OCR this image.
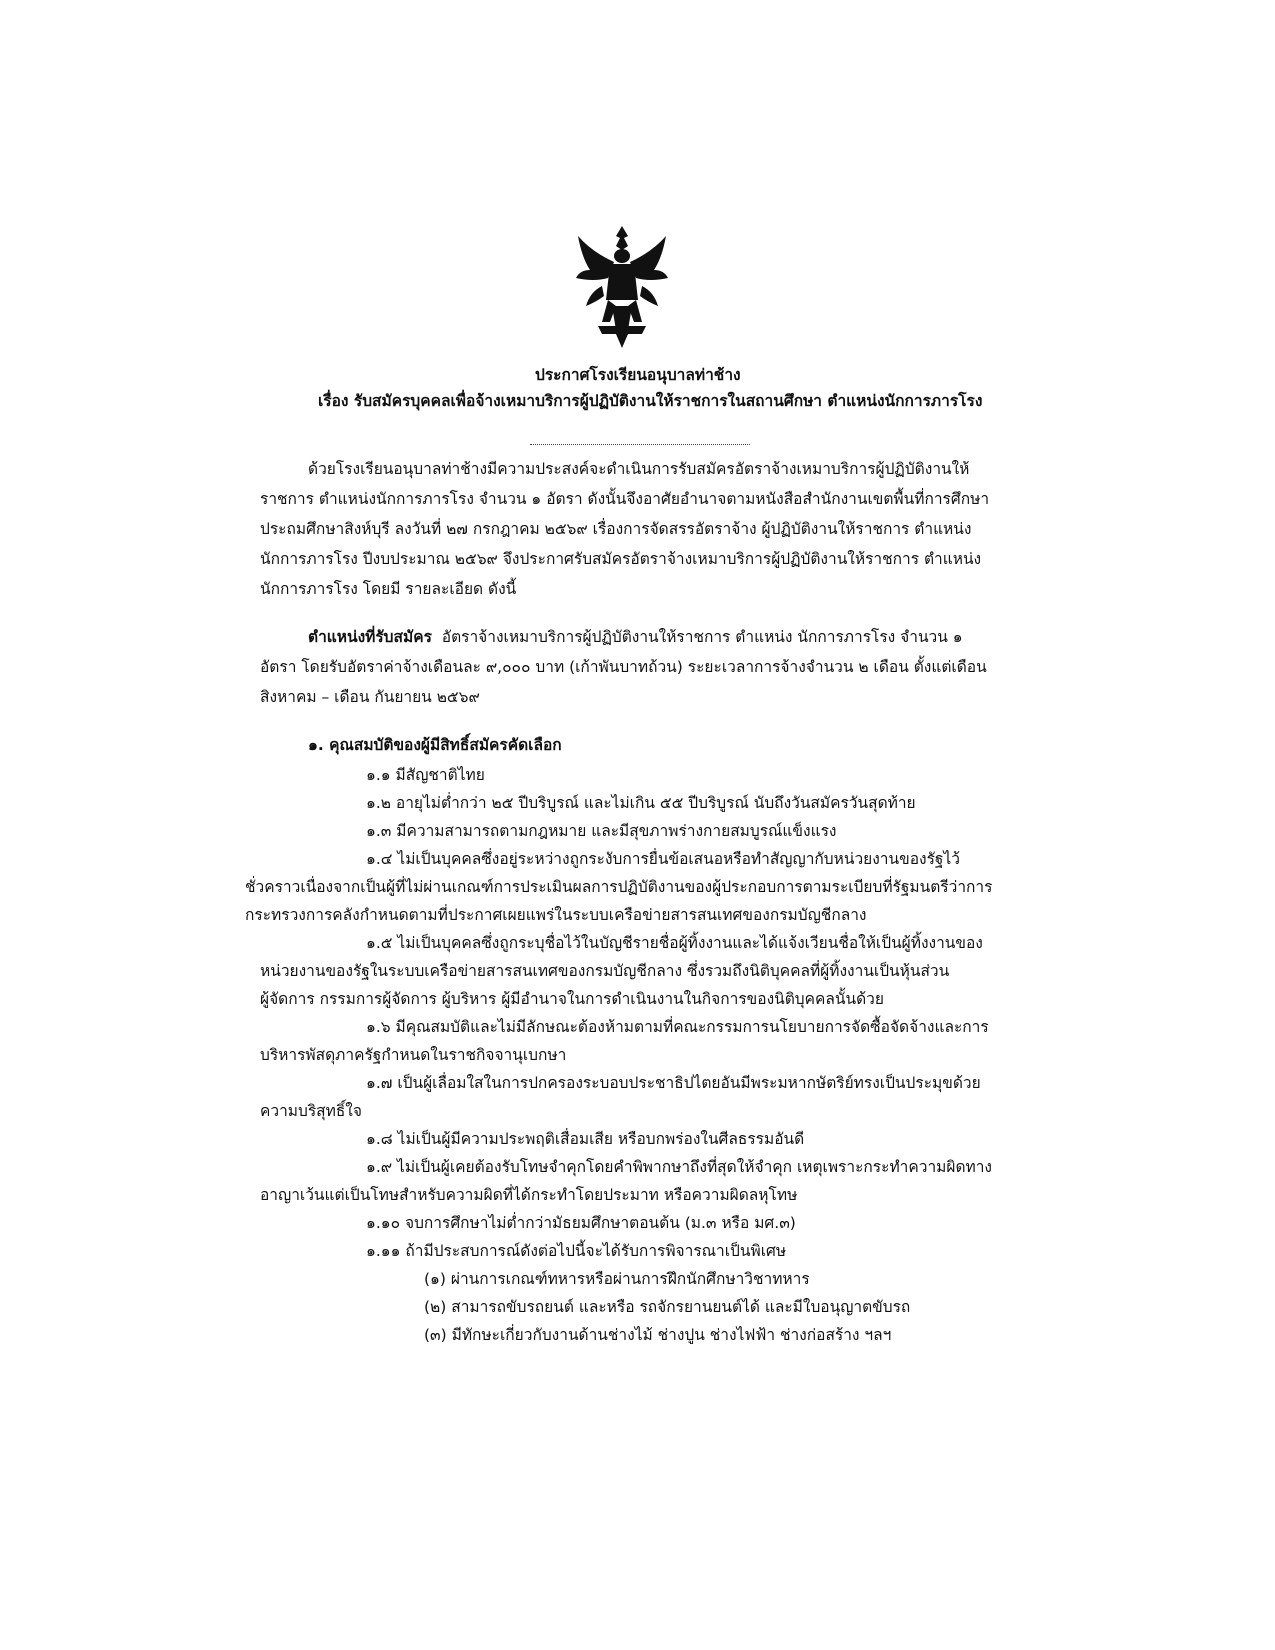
ประกาศโรงเรียนอนุบาลท่าช้าง
เรื่อง รับสมัครบุคคลเพื่อจ้างเหมาบริการผู้ปฏิบัติงานให้ราชการในสถานศึกษา ตำแหน่งนักการภารโรง
ด้วยโรงเรียนอนุบาลท่าช้างมีความประสงค์จะดำเนินการรับสมัครอัตราจ้างเหมาบริการผู้ปฏิบัติงานให้
ราชการ ตำแหน่งนักการภารโรง จำนวน ๑ อัตรา ดังนั้นจึงอาศัยอำนาจตามหนังสือสำนักงานเขตพื้นที่การศึกษา
ประถมศึกษาสิงห์บุรี ลงวันที่ ๒๗ กรกฎาคม ๒๕๖๙ เรื่องการจัดสรรอัตราจ้าง ผู้ปฏิบัติงานให้ราชการ ตำแหน่ง
นักการภารโรง ปีงบประมาณ ๒๕๖๙ จึงประกาศรับสมัครอัตราจ้างเหมาบริการผู้ปฏิบัติงานให้ราชการ ตำแหน่ง
นักการภารโรง โดยมี รายละเอียด ดังนี้
ตำแหน่งที่รับสมัคร อัตราจ้างเหมาบริการผู้ปฏิบัติงานให้ราชการ ตำแหน่ง นักการภารโรง จำนวน ๑
อัตรา โดยรับอัตราค่าจ้างเดือนละ ๙,๐๐๐ บาท (เก้าพันบาทถ้วน) ระยะเวลาการจ้างจำนวน ๒ เดือน ตั้งแต่เดือน
สิงหาคม – เดือน กันยายน ๒๕๖๙
๑. คุณสมบัติของผู้มีสิทธิ์สมัครคัดเลือก
๑.๑ มีสัญชาติไทย
๑.๒ อายุไม่ต่ำกว่า ๒๕ ปีบริบูรณ์ และไม่เกิน ๕๕ ปีบริบูรณ์ นับถึงวันสมัครวันสุดท้าย
๑.๓ มีความสามารถตามกฎหมาย และมีสุขภาพร่างกายสมบูรณ์แข็งแรง
๑.๔ ไม่เป็นบุคคลซึ่งอยู่ระหว่างถูกระงับการยื่นข้อเสนอหรือทำสัญญากับหน่วยงานของรัฐไว้
ชั่วคราวเนื่องจากเป็นผู้ที่ไม่ผ่านเกณฑ์การประเมินผลการปฏิบัติงานของผู้ประกอบการตามระเบียบที่รัฐมนตรีว่าการ
กระทรวงการคลังกำหนดตามที่ประกาศเผยแพร่ในระบบเครือข่ายสารสนเทศของกรมบัญชีกลาง
๑.๕ ไม่เป็นบุคคลซึ่งถูกระบุชื่อไว้ในบัญชีรายชื่อผู้ทิ้งงานและได้แจ้งเวียนชื่อให้เป็นผู้ทิ้งงานของ
หน่วยงานของรัฐในระบบเครือข่ายสารสนเทศของกรมบัญชีกลาง ซึ่งรวมถึงนิติบุคคลที่ผู้ทิ้งงานเป็นหุ้นส่วน
ผู้จัดการ กรรมการผู้จัดการ ผู้บริหาร ผู้มีอำนาจในการดำเนินงานในกิจการของนิติบุคคลนั้นด้วย
๑.๖ มีคุณสมบัติและไม่มีลักษณะต้องห้ามตามที่คณะกรรมการนโยบายการจัดซื้อจัดจ้างและการ
บริหารพัสดุภาครัฐกำหนดในราชกิจจานุเบกษา
๑.๗ เป็นผู้เลื่อมใสในการปกครองระบอบประชาธิปไตยอันมีพระมหากษัตริย์ทรงเป็นประมุขด้วย
ความบริสุทธิ์ใจ
๑.๘ ไม่เป็นผู้มีความประพฤติเสื่อมเสีย หรือบกพร่องในศีลธรรมอันดี
๑.๙ ไม่เป็นผู้เคยต้องรับโทษจำคุกโดยคำพิพากษาถึงที่สุดให้จำคุก เหตุเพราะกระทำความผิดทาง
อาญาเว้นแต่เป็นโทษสำหรับความผิดที่ได้กระทำโดยประมาท หรือความผิดลหุโทษ
๑.๑๐ จบการศึกษาไม่ต่ำกว่ามัธยมศึกษาตอนต้น (ม.๓ หรือ มศ.๓)
๑.๑๑ ถ้ามีประสบการณ์ดังต่อไปนี้จะได้รับการพิจารณาเป็นพิเศษ
(๑) ผ่านการเกณฑ์ทหารหรือผ่านการฝึกนักศึกษาวิชาทหาร
(๒) สามารถขับรถยนต์ และหรือ รถจักรยานยนต์ได้ และมีใบอนุญาตขับรถ
(๓) มีทักษะเกี่ยวกับงานด้านช่างไม้ ช่างปูน ช่างไฟฟ้า ช่างก่อสร้าง ฯลฯ
